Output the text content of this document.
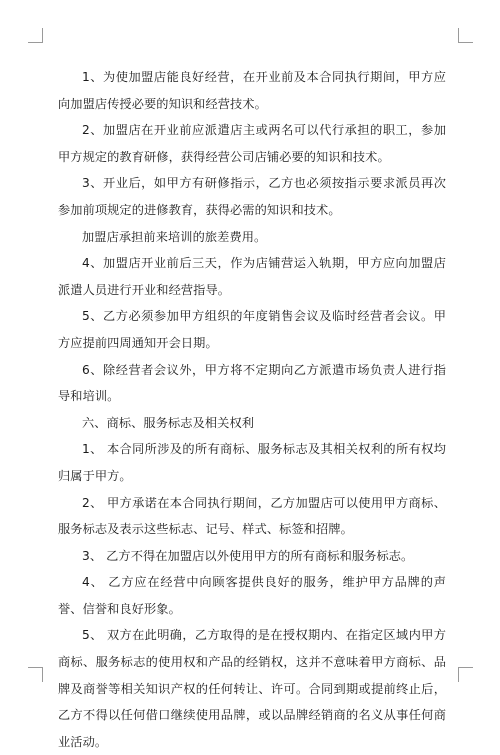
1、为使加盟店能良好经营，在开业前及本合同执行期间，甲方应向加盟店传授必要的知识和经营技术。

2、加盟店在开业前应派遣店主或两名可以代行承担的职工，参加甲方规定的教育研修，获得经营公司店铺必要的知识和技术。

3、开业后，如甲方有研修指示，乙方也必须按指示要求派员再次参加前项规定的进修教育，获得必需的知识和技术。

加盟店承担前来培训的旅差费用。

4、加盟店开业前后三天，作为店铺营运入轨期，甲方应向加盟店派遣人员进行开业和经营指导。

5、乙方必须参加甲方组织的年度销售会议及临时经营者会议。甲方应提前四周通知开会日期。

6、除经营者会议外，甲方将不定期向乙方派遣市场负责人进行指导和培训。

六、商标、服务标志及相关权利

1、 本合同所涉及的所有商标、服务标志及其相关权利的所有权均归属于甲方。

2、 甲方承诺在本合同执行期间，乙方加盟店可以使用甲方商标、服务标志及表示这些标志、记号、样式、标签和招牌。

3、 乙方不得在加盟店以外使用甲方的所有商标和服务标志。

4、 乙方应在经营中向顾客提供良好的服务，维护甲方品牌的声誉、信誉和良好形象。

5、 双方在此明确，乙方取得的是在授权期内、在指定区域内甲方商标、服务标志的使用权和产品的经销权，这并不意味着甲方商标、品牌及商誉等相关知识产权的任何转让、许可。合同到期或提前终止后，乙方不得以任何借口继续使用品牌，或以品牌经销商的名义从事任何商业活动。
